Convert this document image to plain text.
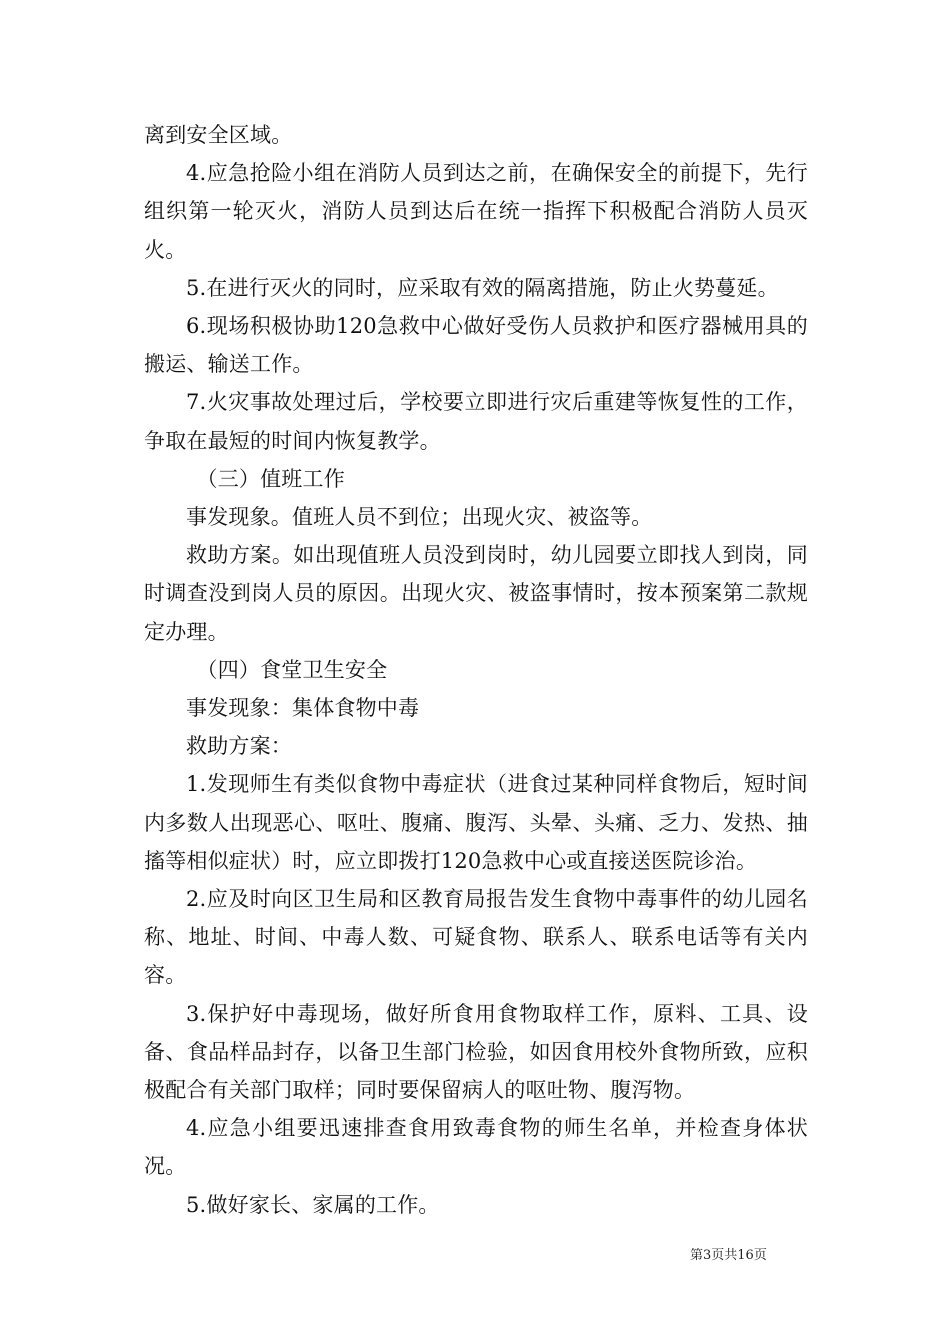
离到安全区域。

4.应急抢险小组在消防人员到达之前，在确保安全的前提下，先行组织第一轮灭火，消防人员到达后在统一指挥下积极配合消防人员灭火。

5.在进行灭火的同时，应采取有效的隔离措施，防止火势蔓延。

6.现场积极协助120急救中心做好受伤人员救护和医疗器械用具的搬运、输送工作。

7.火灾事故处理过后，学校要立即进行灾后重建等恢复性的工作，争取在最短的时间内恢复教学。

（三）值班工作

事发现象。值班人员不到位；出现火灾、被盗等。

救助方案。如出现值班人员没到岗时，幼儿园要立即找人到岗，同时调查没到岗人员的原因。出现火灾、被盗事情时，按本预案第二款规定办理。

（四）食堂卫生安全

事发现象：集体食物中毒

救助方案：

1.发现师生有类似食物中毒症状（进食过某种同样食物后，短时间内多数人出现恶心、呕吐、腹痛、腹泻、头晕、头痛、乏力、发热、抽搐等相似症状）时，应立即拨打120急救中心或直接送医院诊治。

2.应及时向区卫生局和区教育局报告发生食物中毒事件的幼儿园名称、地址、时间、中毒人数、可疑食物、联系人、联系电话等有关内容。

3.保护好中毒现场，做好所食用食物取样工作，原料、工具、设备、食品样品封存，以备卫生部门检验，如因食用校外食物所致，应积极配合有关部门取样；同时要保留病人的呕吐物、腹泻物。

4.应急小组要迅速排查食用致毒食物的师生名单，并检查身体状况。

5.做好家长、家属的工作。

第3页共16页
